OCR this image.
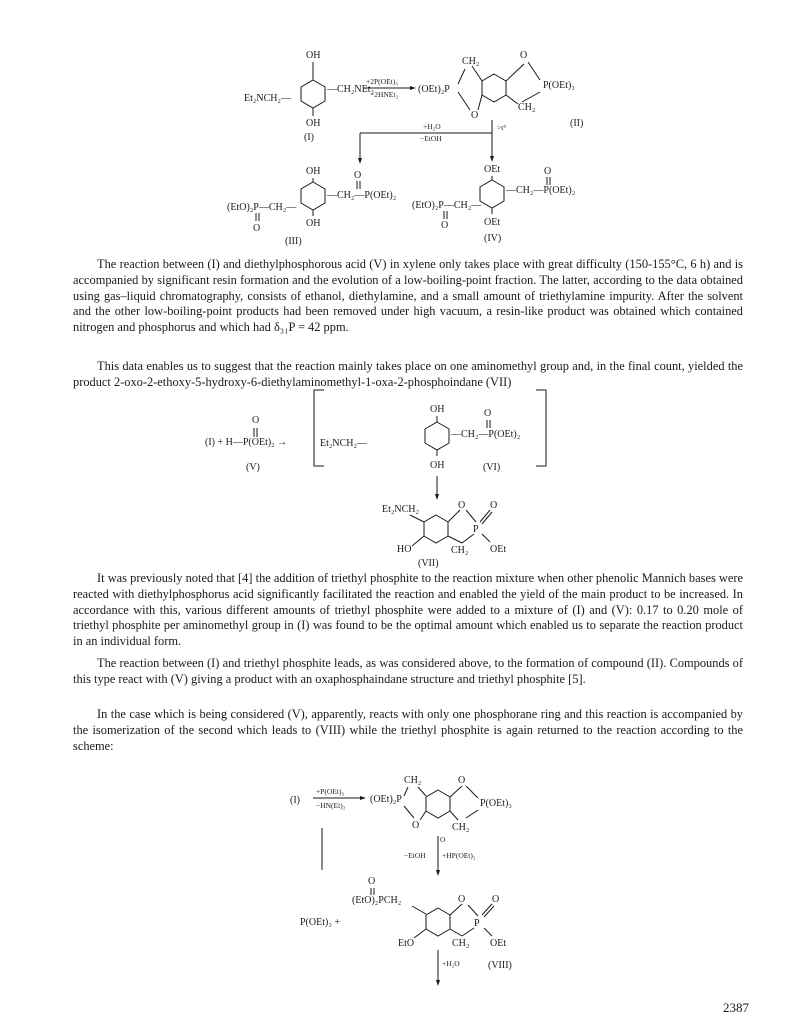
OH
—CH₂NEt₂
Et₂NCH₂—
OH
(I)
+2P(OEt)₃
−2HNEt₂ (OEt)₂P
CH₂
O
O
P(OEt)₃
CH₂
(II)
>t°
+H₂O
−EtOH
OH	O
—CH₂—P(OEt)₂
(EtO)₂P—CH₂—
O	OH
(III)
OEt	O
—CH₂—P(OEt)₂
(EtO)₂P—CH₂—
O	OEt
(IV)

The reaction between (I) and diethylphosphorous acid (V) in xylene only takes place with great difficulty (150-155°C, 6 h) and is accompanied by significant resin formation and the evolution of a low-boiling-point fraction. The latter, according to the data obtained using gas–liquid chromatography, consists of ethanol, diethylamine, and a small amount of triethylamine impurity. After the solvent and the other low-boiling-point products had been removed under high vacuum, a resin-like product was obtained which contained nitrogen and phosphorus and which had δ₃₁P = 42 ppm.

This data enables us to suggest that the reaction mainly takes place on one aminomethyl group and, in the final count, yielded the product 2-oxo-2-ethoxy-5-hydroxy-6-diethylaminomethyl-1-oxa-2-phosphoindane (VII)

O
(I) + H—P(OEt)₂ →
(V)
OH
Et₂NCH₂—
—CH₂—P(OEt)₂
O
OH	(VI)
Et₂NCH₂
HO
O
P
O
CH₂ OEt
(VII)

It was previously noted that [4] the addition of triethyl phosphite to the reaction mixture when other phenolic Mannich bases were reacted with diethylphosphorus acid significantly facilitated the reaction and enabled the yield of the main product to be increased. In accordance with this, various different amounts of triethyl phosphite were added to a mixture of (I) and (V): 0.17 to 0.20 mole of triethyl phosphite per aminomethyl group in (I) was found to be the optimal amount which enabled us to separate the reaction product in an individual form.

The reaction between (I) and triethyl phosphite leads, as was considered above, to the formation of compound (II). Compounds of this type react with (V) giving a product with an oxaphosphaindane structure and triethyl phosphite [5].

In the case which is being considered (V), apparently, reacts with only one phosphorane ring and this reaction is accompanied by the isomerization of the second which leads to (VIII) while the triethyl phosphite is again returned to the reaction according to the scheme:

(I)
+P(OEt)₃
−HN(Et)₂
(OEt)₂P
CH₂
O
O
P(OEt)₃
CH₂
O
−EtOH +HP(OEt)₂
O
(EtO)₂PCH₂
P(OEt)₃ +
EtO
O
P
O
CH₂ OEt
+H₂O	(VIII)
2387
